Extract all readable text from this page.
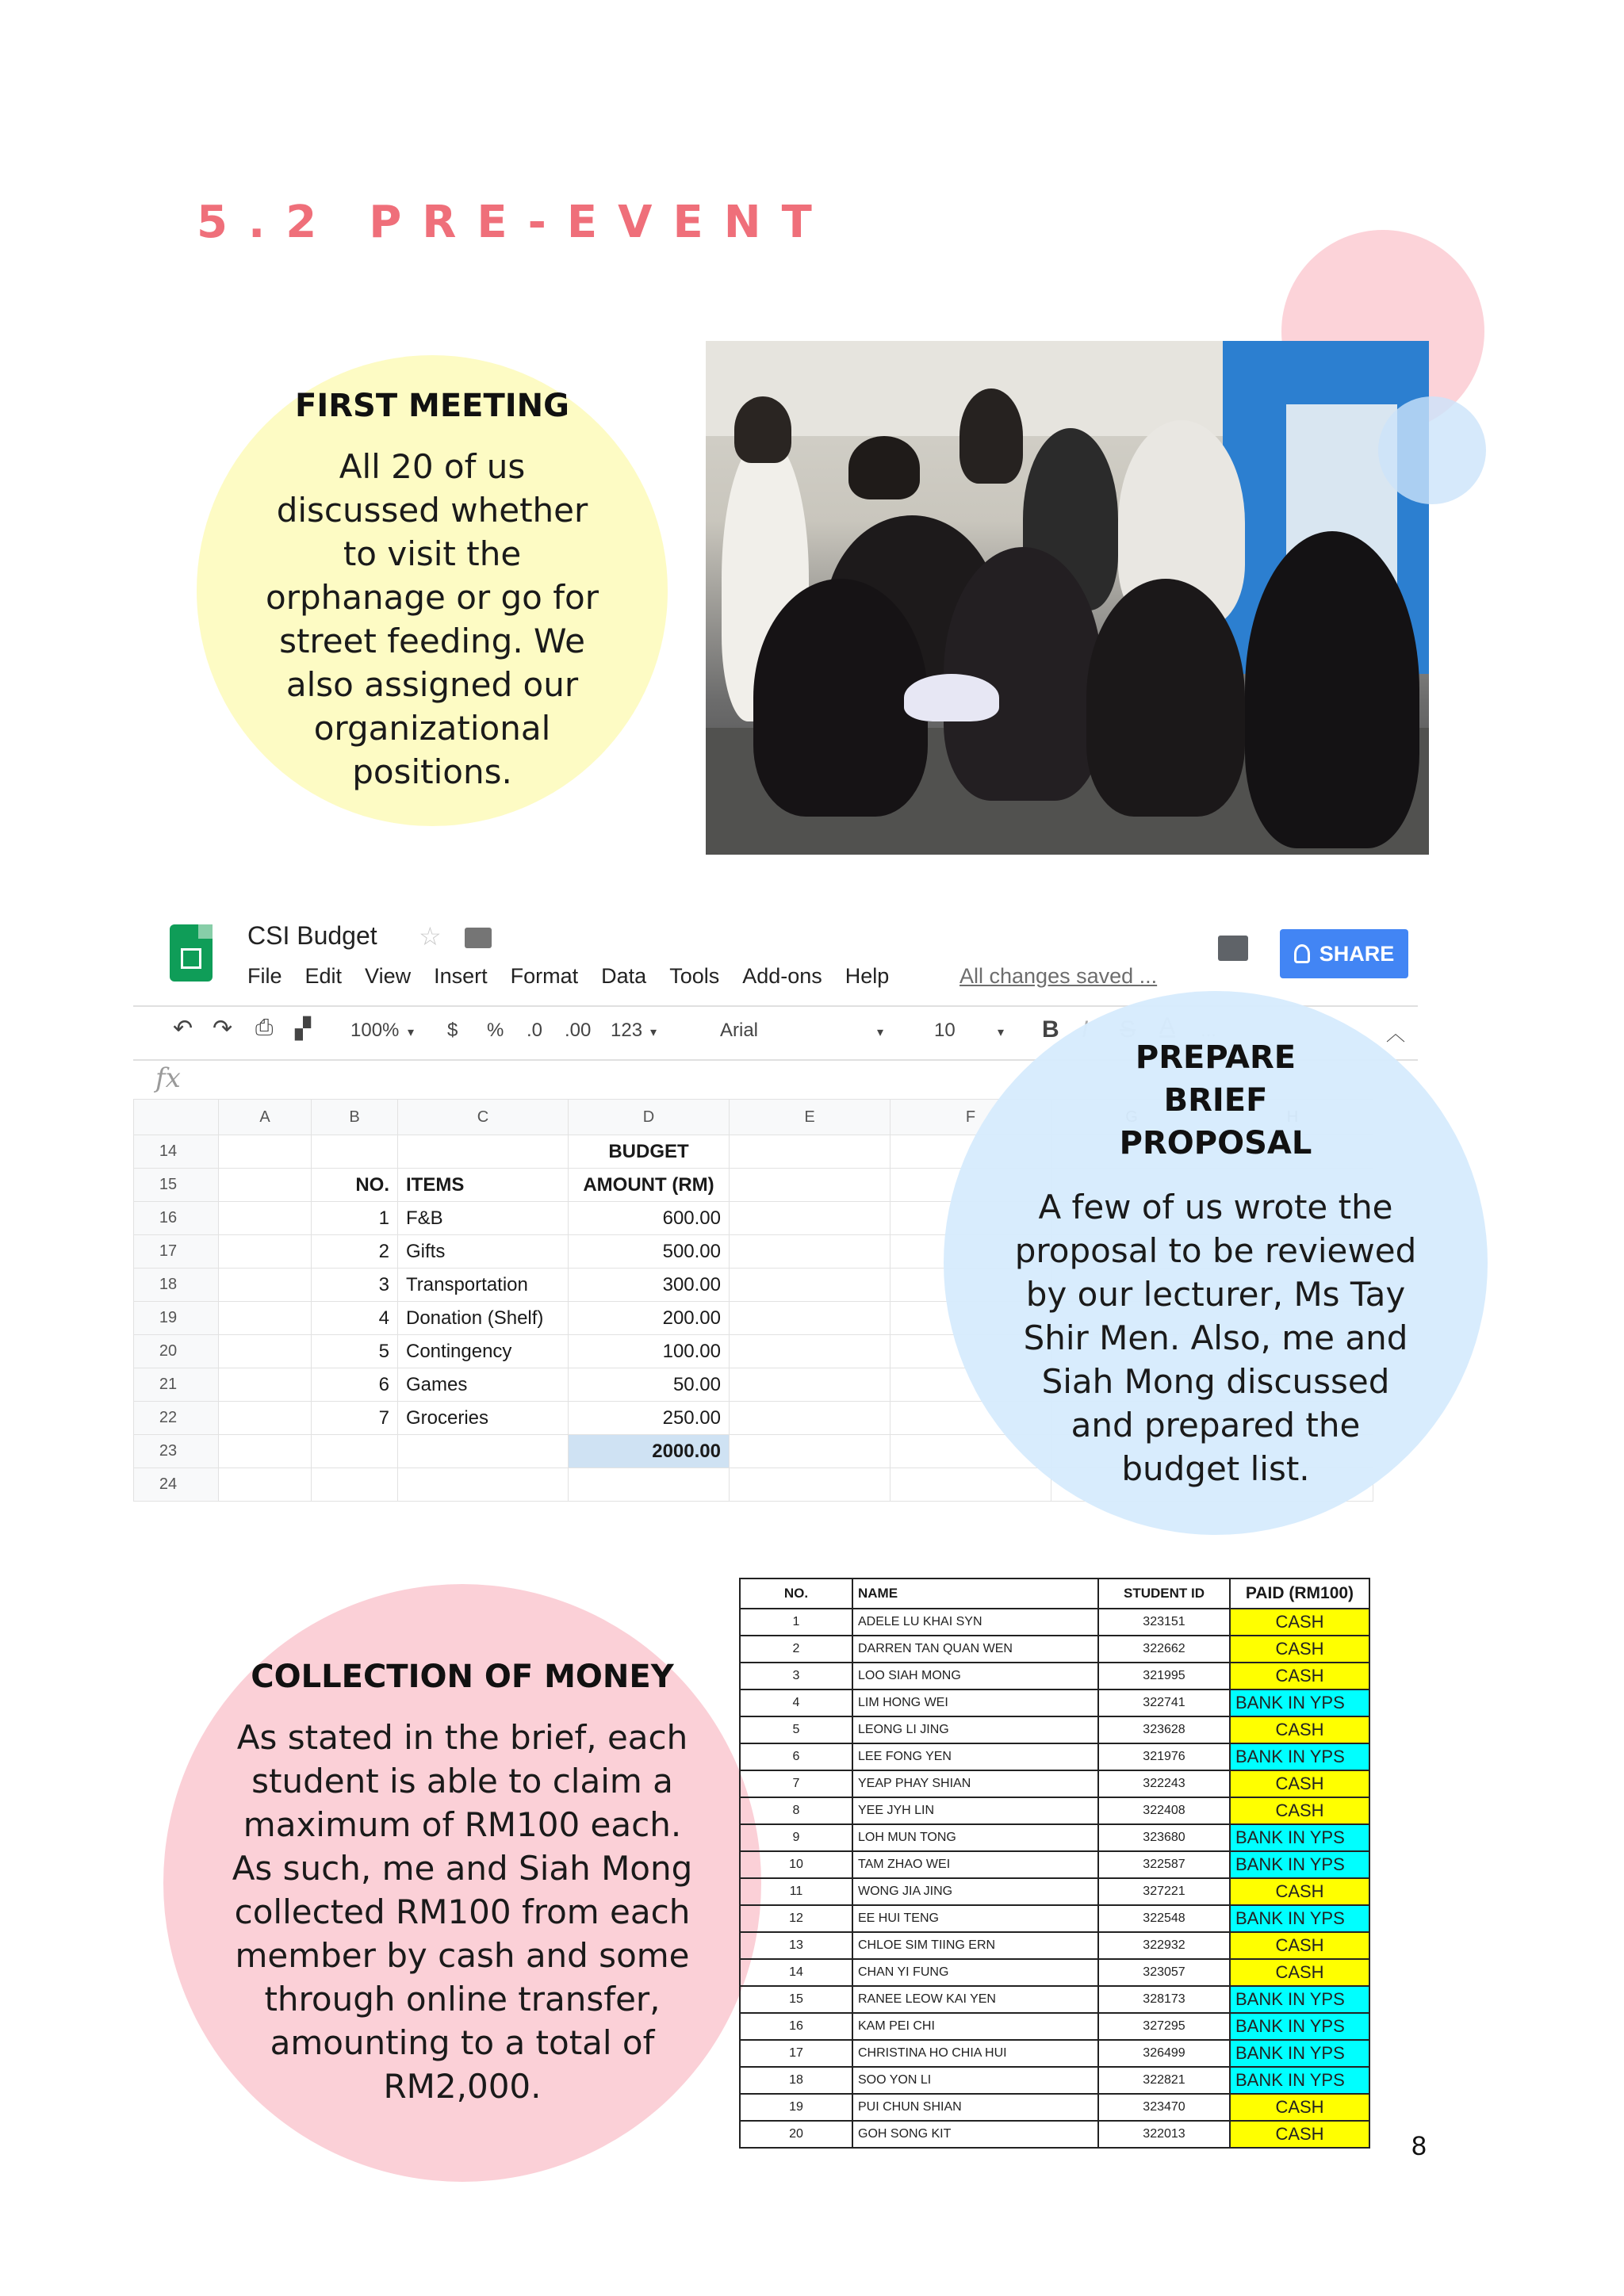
5.2 PRE-EVENT
FIRST MEETING
All 20 of us discussed whether to visit the orphanage or go for street feeding. We also assigned our organizational positions.
CSI Budget ☆
File Edit View Insert Format Data Tools Add-ons Help	All changes saved ...
SHARE
↶ ↷ ⎙ ▞ 100% ▾ $ % .0 .00 123 ▾	Arial	▾	10	▾ B	︿
fx
	A	B	C	D	E	F		
14				BUDGET				
15		NO.	ITEMS	AMOUNT (RM)				
16		1	F&B	600.00				
17		2	Gifts	500.00				
18		3	Transportation	300.00				
19		4	Donation (Shelf)	200.00				
20		5	Contingency	100.00				
21		6	Games	50.00				
22		7	Groceries	250.00				
23				2000.00				
24								
PREPARE BRIEF PROPOSAL
A few of us wrote the proposal to be reviewed by our lecturer, Ms Tay Shir Men. Also, me and Siah Mong discussed and prepared the budget list.
COLLECTION OF MONEY
As stated in the brief, each student is able to claim a maximum of RM100 each. As such, me and Siah Mong collected RM100 from each member by cash and some through online transfer, amounting to a total of RM2,000.
NO.	NAME	STUDENT ID	PAID (RM100)
1	ADELE LU KHAI SYN	323151	CASH
2	DARREN TAN QUAN WEN	322662	CASH
3	LOO SIAH MONG	321995	CASH
4	LIM HONG WEI	322741	BANK IN YPS
5	LEONG LI JING	323628	CASH
6	LEE FONG YEN	321976	BANK IN YPS
7	YEAP PHAY SHIAN	322243	CASH
8	YEE JYH LIN	322408	CASH
9	LOH MUN TONG	323680	BANK IN YPS
10	TAM ZHAO WEI	322587	BANK IN YPS
11	WONG JIA JING	327221	CASH
12	EE HUI TENG	322548	BANK IN YPS
13	CHLOE SIM TIING ERN	322932	CASH
14	CHAN YI FUNG	323057	CASH
15	RANEE LEOW KAI YEN	328173	BANK IN YPS
16	KAM PEI CHI	327295	BANK IN YPS
17	CHRISTINA HO CHIA HUI	326499	BANK IN YPS
18	SOO YON LI	322821	BANK IN YPS
19	PUI CHUN SHIAN	323470	CASH
20	GOH SONG KIT	322013	CASH	8
